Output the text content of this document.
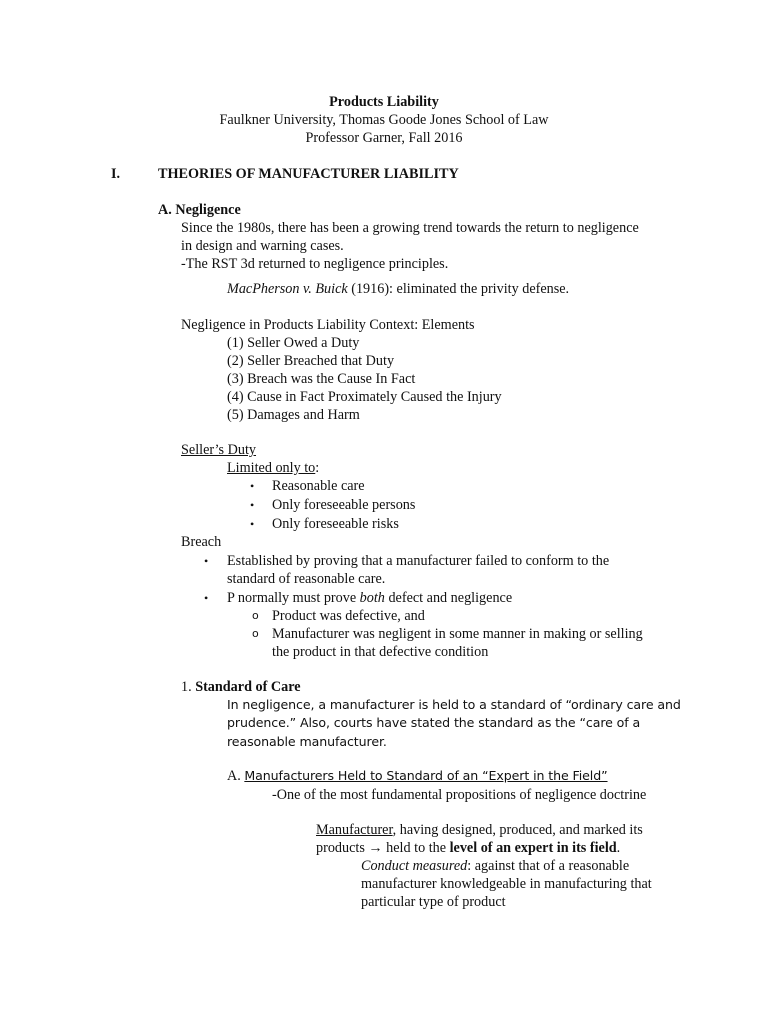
Products Liability
Faulkner University, Thomas Goode Jones School of Law
Professor Garner, Fall 2016
I.	THEORIES OF MANUFACTURER LIABILITY
A. Negligence
Since the 1980s, there has been a growing trend towards the return to negligence
in design and warning cases.
-The RST 3d returned to negligence principles.
MacPherson v. Buick (1916): eliminated the privity defense.
Negligence in Products Liability Context: Elements
(1) Seller Owed a Duty
(2) Seller Breached that Duty
(3) Breach was the Cause In Fact
(4) Cause in Fact Proximately Caused the Injury
(5) Damages and Harm
Seller’s Duty
Limited only to:
• Reasonable care
• Only foreseeable persons
• Only foreseeable risks
Breach
• Established by proving that a manufacturer failed to conform to the
standard of reasonable care.
• P normally must prove both defect and negligence
o Product was defective, and
o Manufacturer was negligent in some manner in making or selling
the product in that defective condition
1. Standard of Care
In negligence, a manufacturer is held to a standard of “ordinary care and
prudence.” Also, courts have stated the standard as the “care of a
reasonable manufacturer.
A. Manufacturers Held to Standard of an “Expert in the Field”
-One of the most fundamental propositions of negligence doctrine
Manufacturer, having designed, produced, and marked its
products → held to the level of an expert in its field.
Conduct measured: against that of a reasonable
manufacturer knowledgeable in manufacturing that
particular type of product
